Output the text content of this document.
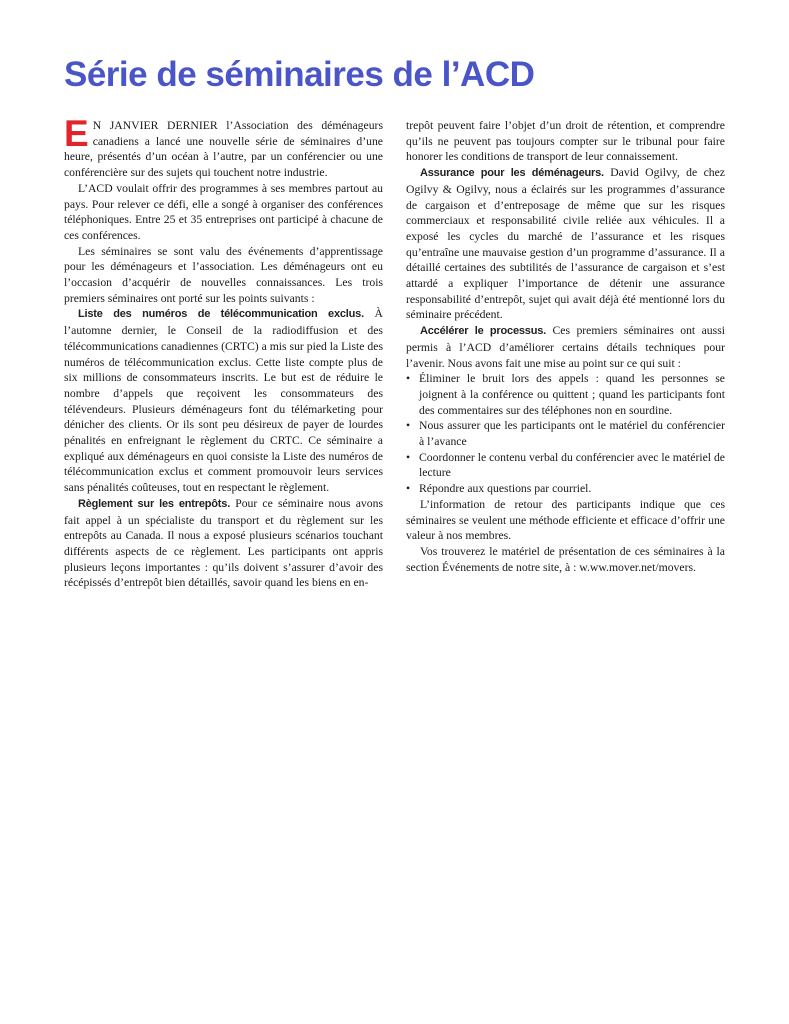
Série de séminaires de l’ACD

E N JANVIER DERNIER l’Association des déménageurs canadiens a lancé une nouvelle série de séminaires d’une heure, présentés d’un océan à l’autre, par un conférencier ou une conférencière sur des sujets qui touchent notre industrie.

L’ACD voulait offrir des programmes à ses membres partout au pays. Pour relever ce défi, elle a songé à organiser des conférences téléphoniques. Entre 25 et 35 entreprises ont participé à chacune de ces conférences.

Les séminaires se sont valu des événements d’apprentissage pour les déménageurs et l’association. Les déménageurs ont eu l’occasion d’acquérir de nouvelles connaissances. Les trois premiers séminaires ont porté sur les points suivants :

Liste des numéros de télécommunication exclus. À l’automne dernier, le Conseil de la radiodiffusion et des télécommunications canadiennes (CRTC) a mis sur pied la Liste des numéros de télécommunication exclus. Cette liste compte plus de six millions de consommateurs inscrits. Le but est de réduire le nombre d’appels que reçoivent les consommateurs des télévendeurs. Plusieurs déménageurs font du télémarketing pour dénicher des clients. Or ils sont peu désireux de payer de lourdes pénalités en enfreignant le règlement du CRTC. Ce séminaire a expliqué aux déménageurs en quoi consiste la Liste des numéros de télécommunication exclus et comment promouvoir leurs services sans pénalités coûteuses, tout en respectant le règlement.

Règlement sur les entrepôts. Pour ce séminaire nous avons fait appel à un spécialiste du transport et du règlement sur les entrepôts au Canada. Il nous a exposé plusieurs scénarios touchant différents aspects de ce règlement. Les participants ont appris plusieurs leçons importantes : qu’ils doivent s’assurer d’avoir des récépissés d’entrepôt bien détaillés, savoir quand les biens en en-

trepôt peuvent faire l’objet d’un droit de rétention, et comprendre qu’ils ne peuvent pas toujours compter sur le tribunal pour faire honorer les conditions de transport de leur connaissement.

Assurance pour les déménageurs. David Ogilvy, de chez Ogilvy & Ogilvy, nous a éclairés sur les programmes d’assurance de cargaison et d’entreposage de même que sur les risques commerciaux et responsabilité civile reliée aux véhicules. Il a exposé les cycles du marché de l’assurance et les risques qu’entraîne une mauvaise gestion d’un programme d’assurance. Il a détaillé certaines des subtilités de l’assurance de cargaison et s’est attardé a expliquer l’importance de détenir une assurance responsabilité d’entrepôt, sujet qui avait déjà été mentionné lors du séminaire précédent.

Accélérer le processus. Ces premiers séminaires ont aussi permis à l’ACD d’améliorer certains détails techniques pour l’avenir. Nous avons fait une mise au point sur ce qui suit :

• Éliminer le bruit lors des appels : quand les personnes se joignent à la conférence ou quittent ; quand les participants font des commentaires sur des téléphones non en sourdine.
• Nous assurer que les participants ont le matériel du conférencier à l’avance
• Coordonner le contenu verbal du conférencier avec le matériel de lecture
• Répondre aux questions par courriel.

L’information de retour des participants indique que ces séminaires se veulent une méthode efficiente et efficace d’offrir une valeur à nos membres.

Vos trouverez le matériel de présentation de ces séminaires à la section Événements de notre site, à : w.ww.mover.net/movers.
